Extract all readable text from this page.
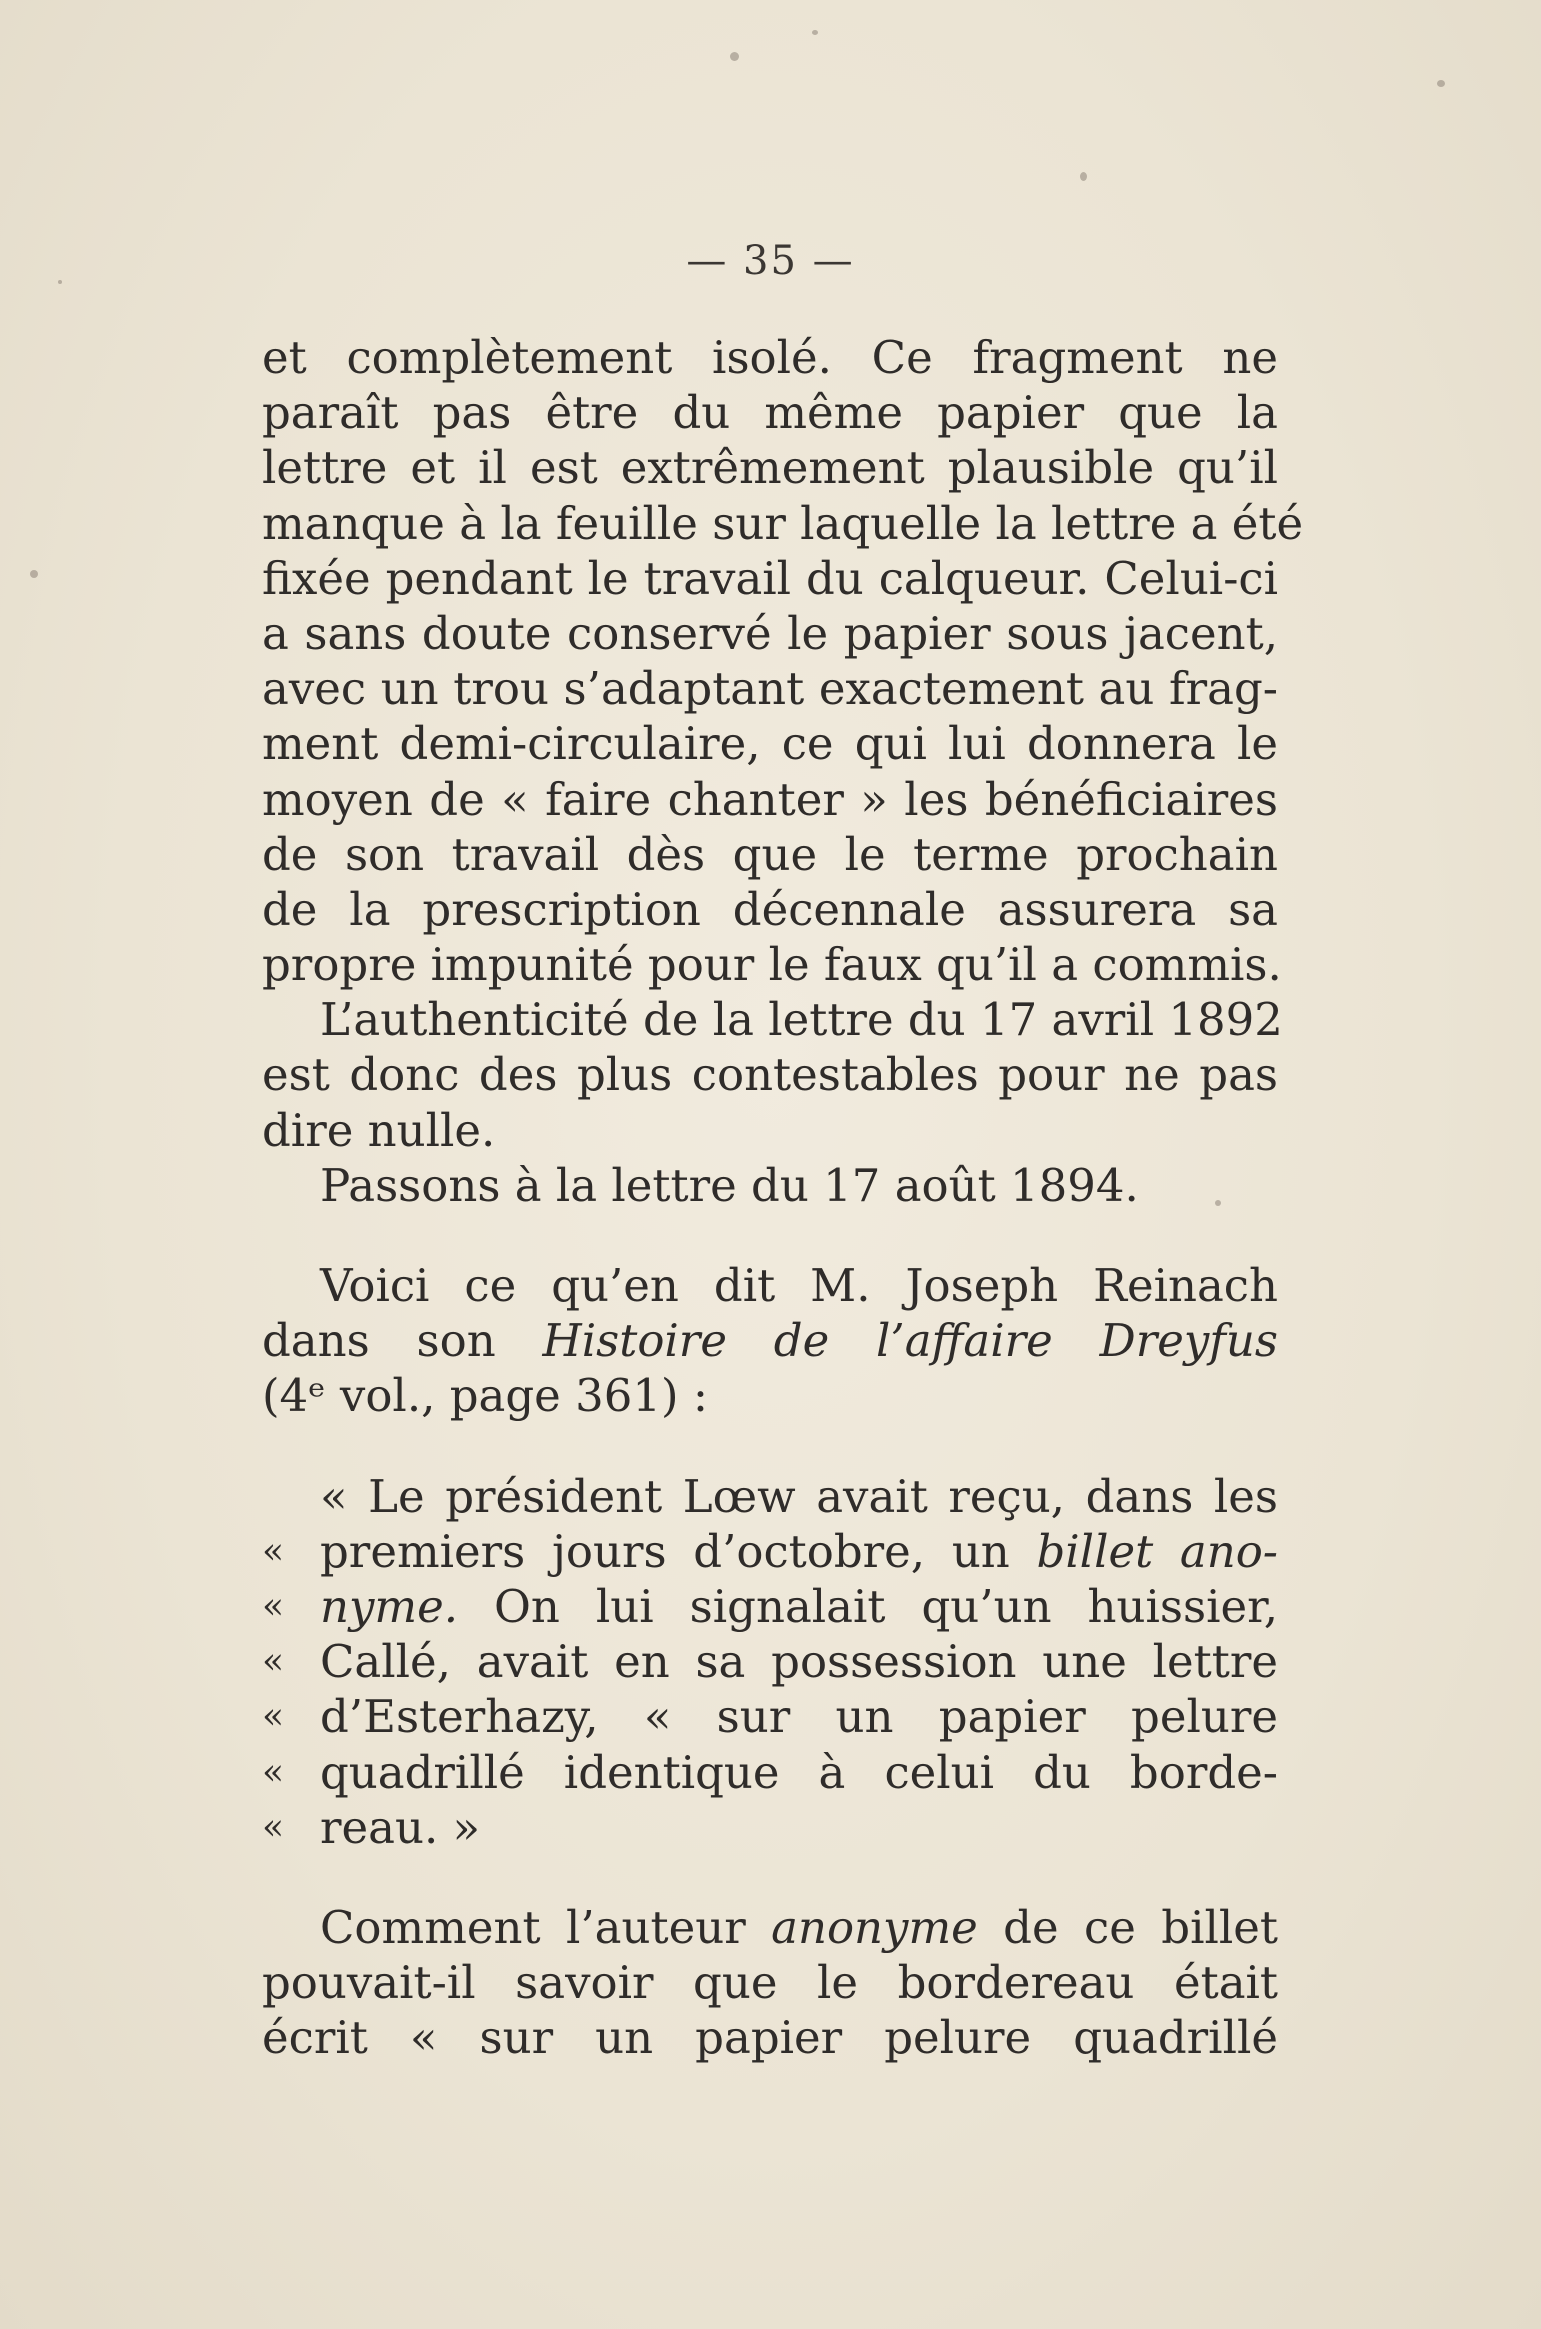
— 35 —
et complètement isolé. Ce fragment ne
paraît pas être du même papier que la
lettre et il est extrêmement plausible qu’il
manque à la feuille sur laquelle la lettre a été
fixée pendant le travail du calqueur. Celui-ci
a sans doute conservé le papier sous jacent,
avec un trou s’adaptant exactement au frag-
ment demi-circulaire, ce qui lui donnera le
moyen de « faire chanter » les bénéficiaires
de son travail dès que le terme prochain
de la prescription décennale assurera sa
propre impunité pour le faux qu’il a commis.
L’authenticité de la lettre du 17 avril 1892
est donc des plus contestables pour ne pas
dire nulle.
Passons à la lettre du 17 août 1894.
Voici ce qu’en dit M. Joseph Reinach
dans son Histoire de l’affaire Dreyfus
(4ᵉ vol., page 361) :
« Le président Lœw avait reçu, dans les
« premiers jours d’octobre, un billet ano-
« nyme. On lui signalait qu’un huissier,
« Callé, avait en sa possession une lettre
« d’Esterhazy, « sur un papier pelure
« quadrillé identique à celui du borde-
« reau. »
Comment l’auteur anonyme de ce billet
pouvait-il savoir que le bordereau était
écrit « sur un papier pelure quadrillé
